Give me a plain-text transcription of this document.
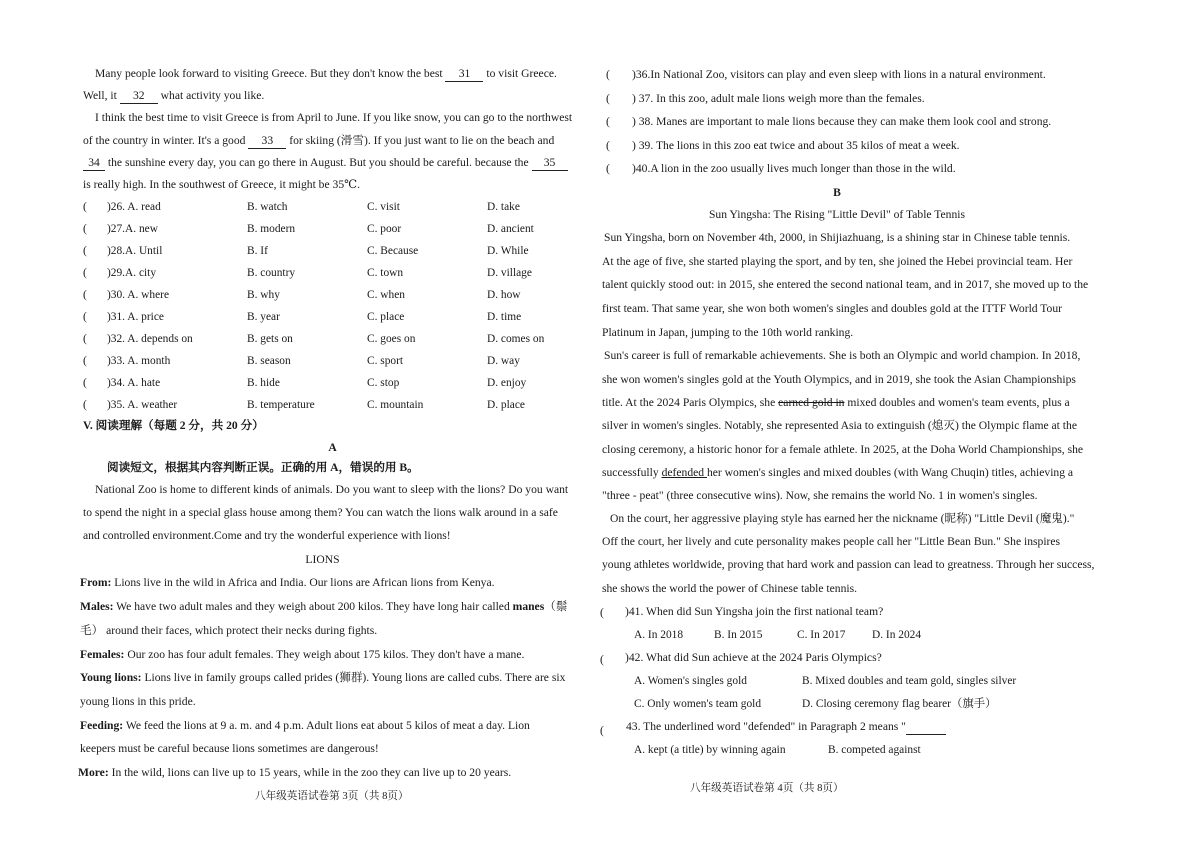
Many people look forward to visiting Greece. But they don't know the best 31 to visit Greece.
Well, it 32 what activity you like.
I think the best time to visit Greece is from April to June. If you like snow, you can go to the northwest
of the country in winter. It's a good 33 for skiing (滑雪). If you just want to lie on the beach and
34 the sunshine every day, you can go there in August. But you should be careful. because the 35
is really high. In the southwest of Greece, it might be 35℃.
( )26. A. read	B. watch	C. visit	D. take
( )27.A. new	B. modern	C. poor	D. ancient
( )28.A. Until	B. If	C. Because	D. While
( )29.A. city	B. country	C. town	D. village
( )30. A. where	B. why	C. when	D. how
( )31. A. price	B. year	C. place	D. time
( )32. A. depends on	B. gets on	C. goes on	D. comes on
( )33. A. month	B. season	C. sport	D. way
( )34. A. hate	B. hide	C. stop	D. enjoy
( )35. A. weather	B. temperature	C. mountain	D. place
V. 阅读理解（每题 2 分，共 20 分）
A
阅读短文，根据其内容判断正误。正确的用 A，错误的用 B。
National Zoo is home to different kinds of animals. Do you want to sleep with the lions? Do you want
to spend the night in a special glass house among them? You can watch the lions walk around in a safe
and controlled environment.Come and try the wonderful experience with lions!
LIONS
From: Lions live in the wild in Africa and India. Our lions are African lions from Kenya.
Males: We have two adult males and they weigh about 200 kilos. They have long hair called manes（鬃
毛） around their faces, which protect their necks during fights.
Females: Our zoo has four adult females. They weigh about 175 kilos. They don't have a mane.
Young lions: Lions live in family groups called prides (狮群). Young lions are called cubs. There are six
young lions in this pride.
Feeding: We feed the lions at 9 a. m. and 4 p.m. Adult lions eat about 5 kilos of meat a day. Lion
keepers must be careful because lions sometimes are dangerous!
More: In the wild, lions can live up to 15 years, while in the zoo they can live up to 20 years.
八年级英语试卷第 3页（共 8页）
( )36.In National Zoo, visitors can play and even sleep with lions in a natural environment.
( ) 37. In this zoo, adult male lions weigh more than the females.
( ) 38. Manes are important to male lions because they can make them look cool and strong.
( ) 39. The lions in this zoo eat twice and about 35 kilos of meat a week.
( )40.A lion in the zoo usually lives much longer than those in the wild.
B
Sun Yingsha: The Rising "Little Devil" of Table Tennis
Sun Yingsha, born on November 4th, 2000, in Shijiazhuang, is a shining star in Chinese table tennis.
At the age of five, she started playing the sport, and by ten, she joined the Hebei provincial team. Her
talent quickly stood out: in 2015, she entered the second national team, and in 2017, she moved up to the
first team. That same year, she won both women's singles and doubles gold at the ITTF World Tour
Platinum in Japan, jumping to the 10th world ranking.
Sun's career is full of remarkable achievements. She is both an Olympic and world champion. In 2018,
she won women's singles gold at the Youth Olympics, and in 2019, she took the Asian Championships
title. At the 2024 Paris Olympics, she earned gold in mixed doubles and women's team events, plus a
silver in women's singles. Notably, she represented Asia to extinguish (熄灭) the Olympic flame at the
closing ceremony, a historic honor for a female athlete. In 2025, at the Doha World Championships, she
successfully defended her women's singles and mixed doubles (with Wang Chuqin) titles, achieving a
"three - peat" (three consecutive wins). Now, she remains the world No. 1 in women's singles.
On the court, her aggressive playing style has earned her the nickname (昵称) "Little Devil (魔鬼)."
Off the court, her lively and cute personality makes people call her "Little Bean Bun." She inspires
young athletes worldwide, proving that hard work and passion can lead to greatness. Through her success,
she shows the world the power of Chinese table tennis.
( )41. When did Sun Yingsha join the first national team?
A. In 2018	B. In 2015	C. In 2017 D. In 2024
( )42. What did Sun achieve at the 2024 Paris Olympics?
A. Women's singles gold	B. Mixed doubles and team gold, singles silver
C. Only women's team gold	D. Closing ceremony flag bearer（旗手）
( 43. The underlined word "defended" in Paragraph 2 means "
A. kept (a title) by winning again	B. competed against
八年级英语试卷第 4页（共 8页）
